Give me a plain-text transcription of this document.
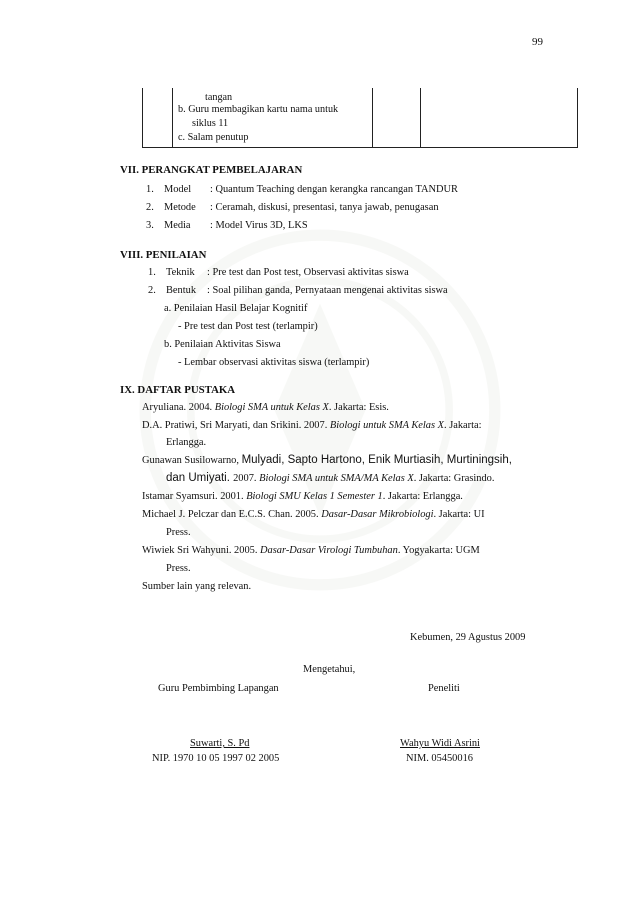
99
tangan
b. Guru membagikan kartu nama untuk
siklus 11
c. Salam penutup
VII. PERANGKAT PEMBELAJARAN
1. Model : Quantum Teaching dengan kerangka rancangan TANDUR
2. Metode : Ceramah, diskusi, presentasi, tanya jawab, penugasan
3. Media : Model Virus 3D, LKS
VIII. PENILAIAN
1. Teknik : Pre test dan Post test, Observasi aktivitas siswa
2. Bentuk : Soal pilihan ganda, Pernyataan mengenai aktivitas siswa
a. Penilaian Hasil Belajar Kognitif
- Pre test dan Post test (terlampir)
b. Penilaian Aktivitas Siswa
- Lembar observasi aktivitas siswa (terlampir)
IX. DAFTAR PUSTAKA
Aryuliana. 2004. Biologi SMA untuk Kelas X. Jakarta: Esis.
D.A. Pratiwi, Sri Maryati, dan Srikini. 2007. Biologi untuk SMA Kelas X. Jakarta:
Erlangga.
Gunawan Susilowarno, Mulyadi, Sapto Hartono, Enik Murtiasih, Murtiningsih,
dan Umiyati. 2007. Biologi SMA untuk SMA/MA Kelas X. Jakarta: Grasindo.
Istamar Syamsuri. 2001. Biologi SMU Kelas 1 Semester 1. Jakarta: Erlangga.
Michael J. Pelczar dan E.C.S. Chan. 2005. Dasar-Dasar Mikrobiologi. Jakarta: UI
Press.
Wiwiek Sri Wahyuni. 2005. Dasar-Dasar Virologi Tumbuhan. Yogyakarta: UGM
Press.
Sumber lain yang relevan.
Kebumen, 29 Agustus 2009
Mengetahui,
Guru Pembimbing Lapangan	Peneliti
Suwarti, S. Pd
NIP. 1970 10 05 1997 02 2005
Wahyu Widi Asrini
NIM. 05450016
